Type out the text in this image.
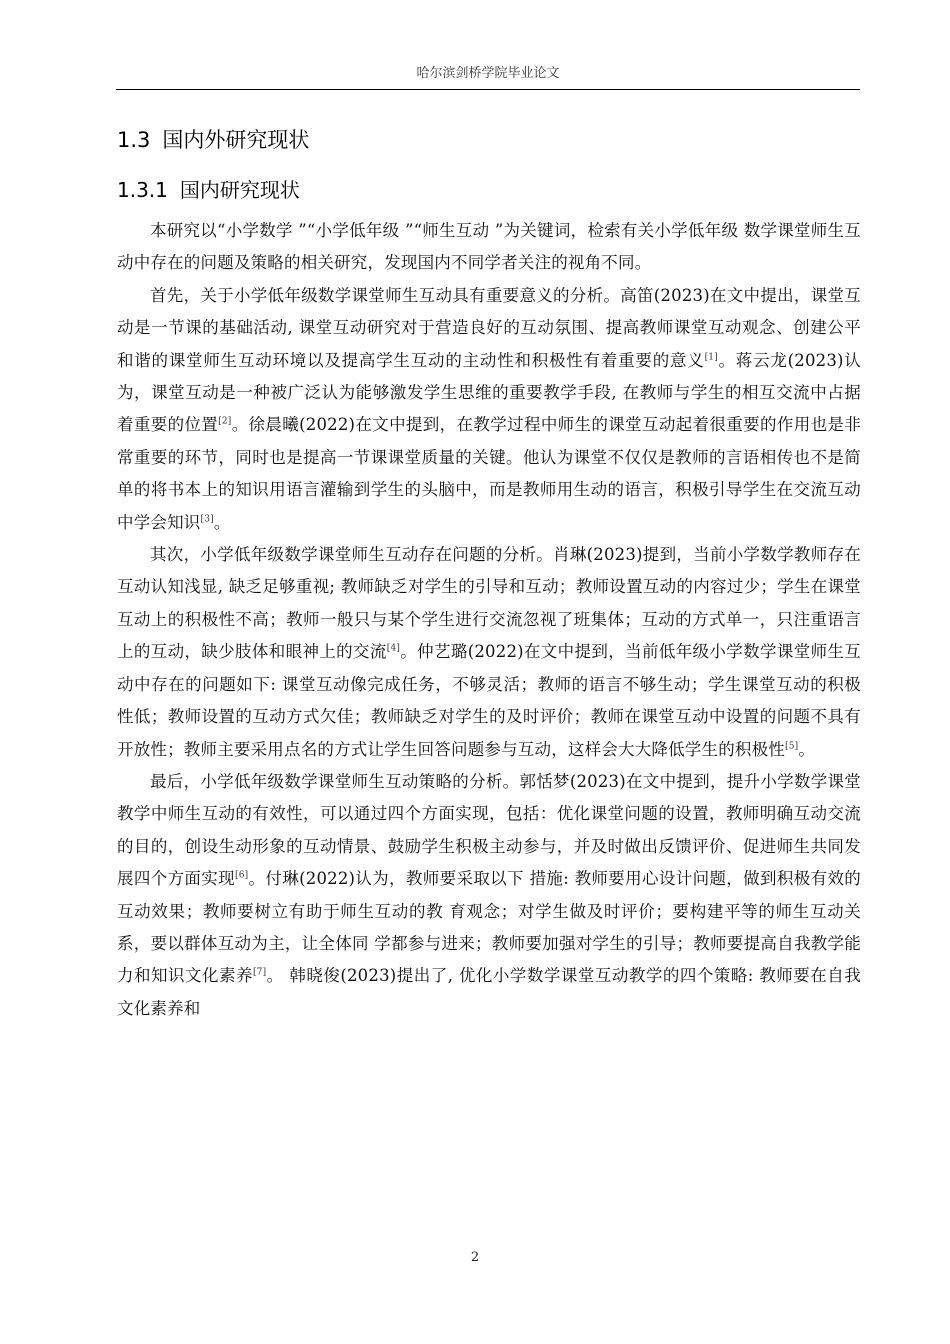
哈尔滨剑桥学院毕业论文
1.3 国内外研究现状
1.3.1 国内研究现状

本研究以“小学数学 ”“小学低年级 ”“师生互动 ”为关键词，检索有关小学低年级 数学课堂师生互动中存在的问题及策略的相关研究，发现国内不同学者关注的视角不同。

首先，关于小学低年级数学课堂师生互动具有重要意义的分析。高笛(2023)在文中提出，课堂互动是一节课的基础活动, 课堂互动研究对于营造良好的互动氛围、提高教师课堂互动观念、创建公平和谐的课堂师生互动环境以及提高学生互动的主动性和积极性有着重要的意义[1]。蒋云龙(2023)认为，课堂互动是一种被广泛认为能够激发学生思维的重要教学手段, 在教师与学生的相互交流中占据着重要的位置[2]。徐晨曦(2022)在文中提到，在教学过程中师生的课堂互动起着很重要的作用也是非常重要的环节，同时也是提高一节课课堂质量的关键。他认为课堂不仅仅是教师的言语相传也不是简单的将书本上的知识用语言灌输到学生的头脑中，而是教师用生动的语言，积极引导学生在交流互动中学会知识[3]。

其次，小学低年级数学课堂师生互动存在问题的分析。肖琳(2023)提到，当前小学数学教师存在互动认知浅显, 缺乏足够重视; 教师缺乏对学生的引导和互动；教师设置互动的内容过少；学生在课堂互动上的积极性不高；教师一般只与某个学生进行交流忽视了班集体；互动的方式单一，只注重语言上的互动，缺少肢体和眼神上的交流[4]。仲艺璐(2022)在文中提到，当前低年级小学数学课堂师生互动中存在的问题如下: 课堂互动像完成任务，不够灵活；教师的语言不够生动；学生课堂互动的积极性低；教师设置的互动方式欠佳；教师缺乏对学生的及时评价；教师在课堂互动中设置的问题不具有开放性；教师主要采用点名的方式让学生回答问题参与互动，这样会大大降低学生的积极性[5]。

最后，小学低年级数学课堂师生互动策略的分析。郭恬梦(2023)在文中提到，提升小学数学课堂教学中师生互动的有效性，可以通过四个方面实现，包括：优化课堂问题的设置，教师明确互动交流的目的，创设生动形象的互动情景、鼓励学生积极主动参与，并及时做出反馈评价、促进师生共同发展四个方面实现[6]。付琳(2022)认为，教师要采取以下 措施: 教师要用心设计问题，做到积极有效的互动效果；教师要树立有助于师生互动的教 育观念；对学生做及时评价；要构建平等的师生互动关系，要以群体互动为主，让全体同 学都参与进来；教师要加强对学生的引导；教师要提高自我教学能力和知识文化素养[7]。 韩晓俊(2023)提出了, 优化小学数学课堂互动教学的四个策略: 教师要在自我文化素养和

2
